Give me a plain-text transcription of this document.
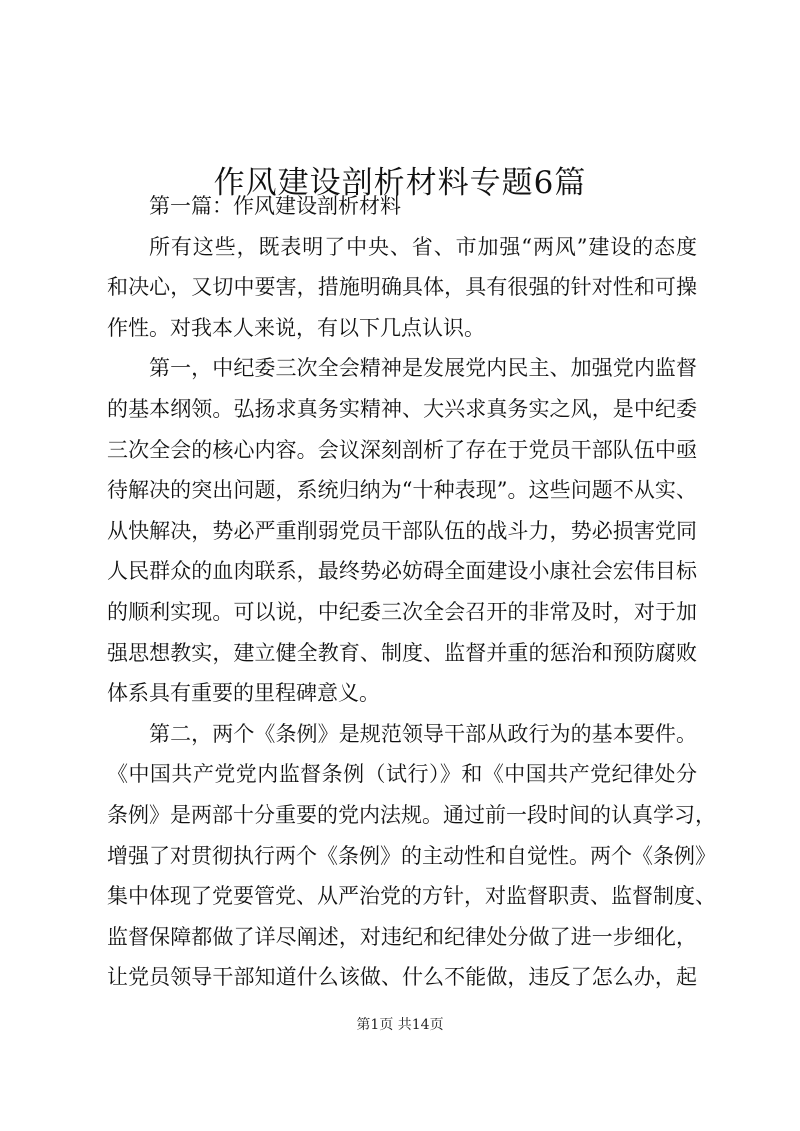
作风建设剖析材料专题6篇
第一篇：作风建设剖析材料
所有这些，既表明了中央、省、市加强“两风”建设的态度
和决心，又切中要害，措施明确具体，具有很强的针对性和可操
作性。对我本人来说，有以下几点认识。
第一，中纪委三次全会精神是发展党内民主、加强党内监督
的基本纲领。弘扬求真务实精神、大兴求真务实之风，是中纪委
三次全会的核心内容。会议深刻剖析了存在于党员干部队伍中亟
待解决的突出问题，系统归纳为“十种表现”。这些问题不从实、
从快解决，势必严重削弱党员干部队伍的战斗力，势必损害党同
人民群众的血肉联系，最终势必妨碍全面建设小康社会宏伟目标
的顺利实现。可以说，中纪委三次全会召开的非常及时，对于加
强思想教实，建立健全教育、制度、监督并重的惩治和预防腐败
体系具有重要的里程碑意义。
第二，两个《条例》是规范领导干部从政行为的基本要件。
《中国共产党党内监督条例（试行）》和《中国共产党纪律处分
条例》是两部十分重要的党内法规。通过前一段时间的认真学习，
增强了对贯彻执行两个《条例》的主动性和自觉性。两个《条例》
集中体现了党要管党、从严治党的方针，对监督职责、监督制度、
监督保障都做了详尽阐述，对违纪和纪律处分做了进一步细化，
让党员领导干部知道什么该做、什么不能做，违反了怎么办，起
第1页 共14页
